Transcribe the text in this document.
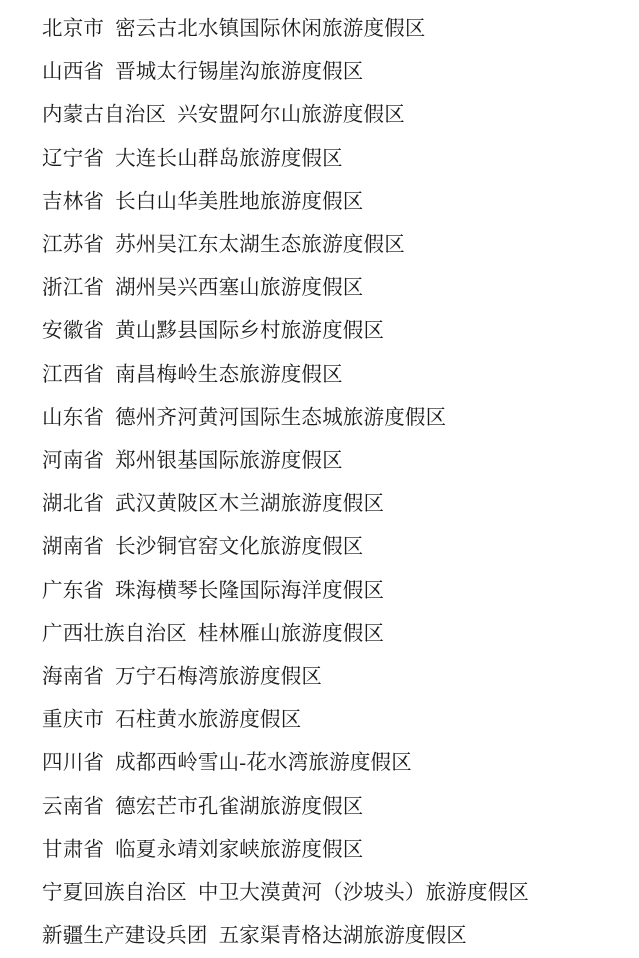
北京市 密云古北水镇国际休闲旅游度假区
山西省 晋城太行锡崖沟旅游度假区
内蒙古自治区 兴安盟阿尔山旅游度假区
辽宁省 大连长山群岛旅游度假区
吉林省 长白山华美胜地旅游度假区
江苏省 苏州吴江东太湖生态旅游度假区
浙江省 湖州吴兴西塞山旅游度假区
安徽省 黄山黟县国际乡村旅游度假区
江西省 南昌梅岭生态旅游度假区
山东省 德州齐河黄河国际生态城旅游度假区
河南省 郑州银基国际旅游度假区
湖北省 武汉黄陂区木兰湖旅游度假区
湖南省 长沙铜官窑文化旅游度假区
广东省 珠海横琴长隆国际海洋度假区
广西壮族自治区 桂林雁山旅游度假区
海南省 万宁石梅湾旅游度假区
重庆市 石柱黄水旅游度假区
四川省 成都西岭雪山-花水湾旅游度假区
云南省 德宏芒市孔雀湖旅游度假区
甘肃省 临夏永靖刘家峡旅游度假区
宁夏回族自治区 中卫大漠黄河（沙坡头）旅游度假区
新疆生产建设兵团 五家渠青格达湖旅游度假区
